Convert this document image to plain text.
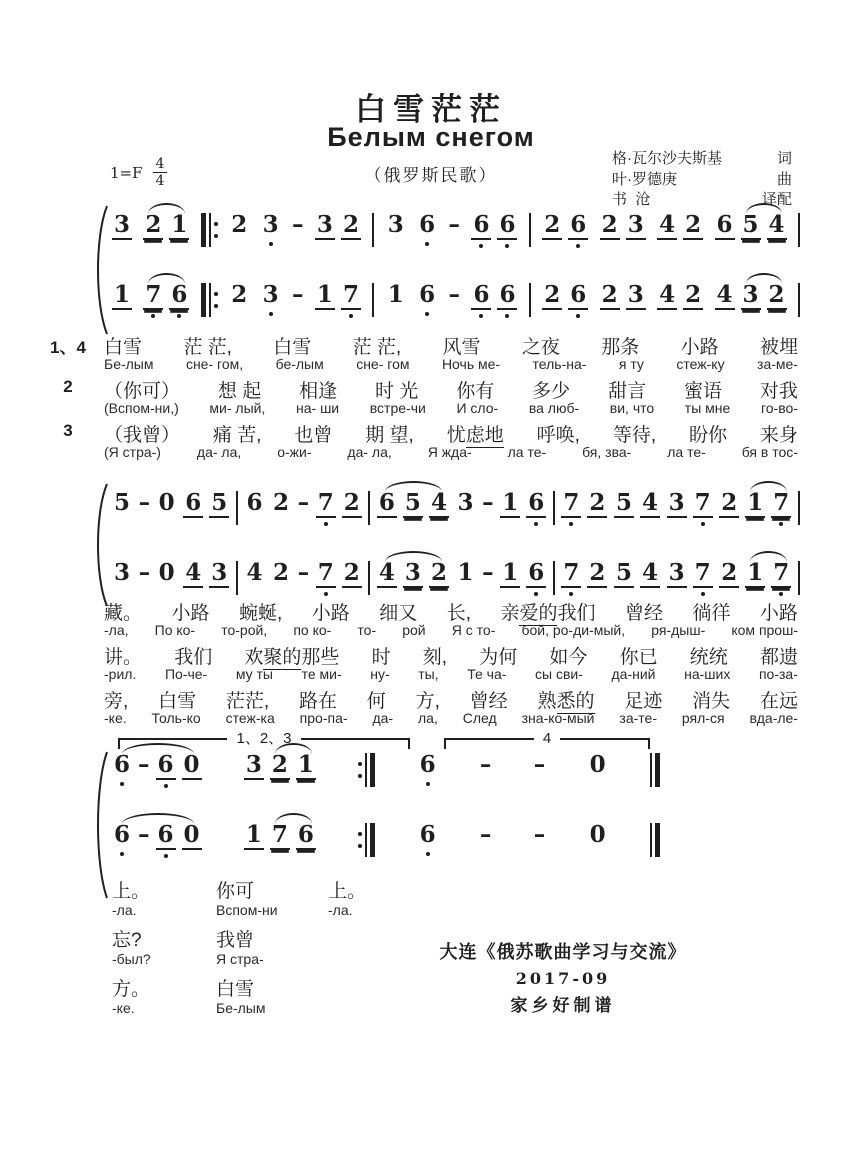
白雪茫茫
Белым снегом
（俄罗斯民歌）
$1=F \frac{4}{4}$	格·瓦尔沙夫斯基	词
叶·罗德庚	曲
书  沧	译配
3 2 1 2 3 – 3 2 3 6 – 6 6 2 6 2 3 4 2 6 5 4
1 7 6 2 3 – 1 7 1 6 – 6 6 2 6 2 3 4 2 4 3 2
1、4 白雪 茫 茫, 白雪 茫 茫, 风雪 之夜 那条 小路 被埋
Бе-лым сне- гом, бе-лым сне- гом Ночь ме- тель-на- я ту стеж-ку за-ме-
2	（你可） 想 起 相逢 时 光 你有 多少 甜言 蜜语 对我
(Вспом-ни,) ми- лый, на- ши встре-чи И сло- ва люб- ви, что ты мне го-во-
3	（我曾） 痛 苦, 也曾 期 望, 忧虑地 呼唤, 等待, 盼你 来身
(Я стра-)	да- ла,	о-жи-	да- ла,	Я жда-	ла те-	бя, зва-	ла те-	бя в тос-
5 – 0 6 5 6 2 – 7 2 6 5 4 3 – 1 6 7 2 5 4 3 7 2 1 7
3 – 0 4 3 4 2 – 7 2 4 3 2 1 – 1 6 7 2 5 4 3 7 2 1 7
藏。 小路 蜿蜒, 小路 细又 长, 亲爱的我们 曾经 徜徉 小路
-ла, По ко- то-рой, по ко- то- рой Я с то- бой, ро-ди-мый, ря-дыш- ком прош-
讲。 我们 欢聚的那些 时 刻, 为何 如今 你已 统统 都遗
-рил. По-че- му ты те ми- ну- ты, Те ча- сы сви- да-ний на-ших по-за-
旁, 白雪 茫茫, 路在 何 方, 曾经 熟悉的 足迹 消失 在远
-ке. Толь-ко стеж-ка про-па- да- ла, След зна-ко-мый за-те- рял-ся вда-ле-
1、2、3	4
6 – 6 0 3 2 1	6 – – 0
6 – 6 0 1 7 6	6 – – 0
上。	你可	上。
-ла.	Вспом-ни	-ла.
忘?	我曾
-был?	Я стра-
方。	白雪
-ке.	Бе-лым
大连《俄苏歌曲学习与交流》
2017-09
家乡好制谱
